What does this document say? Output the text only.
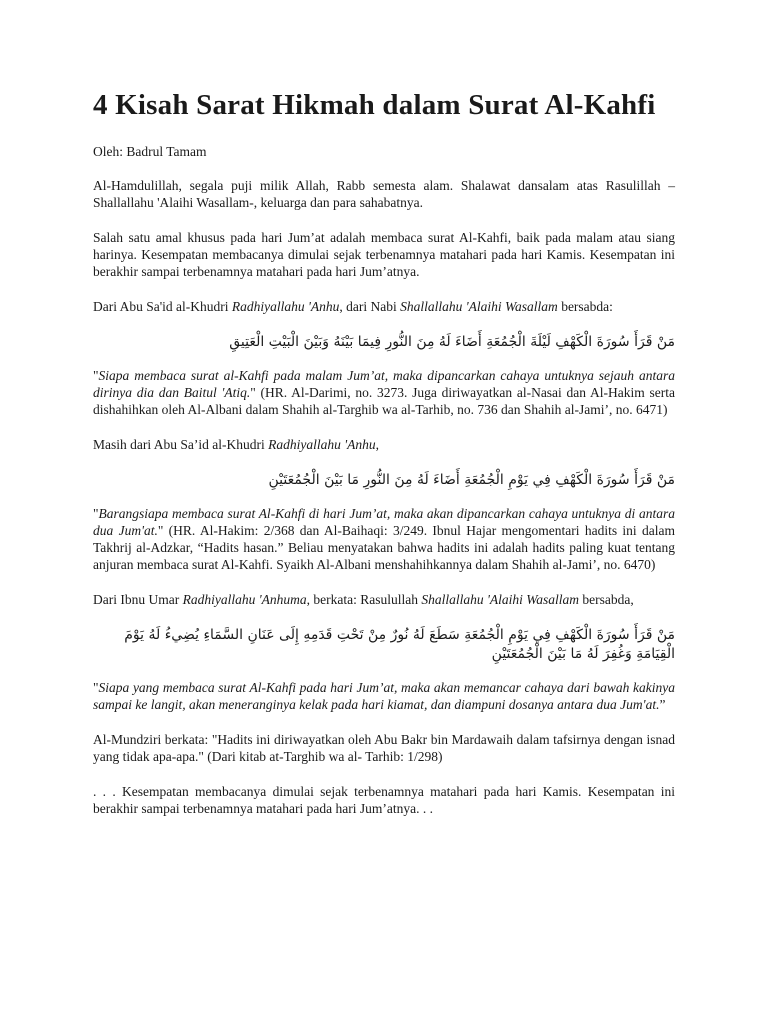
4 Kisah Sarat Hikmah dalam Surat Al-Kahfi

Oleh: Badrul Tamam

Al-Hamdulillah, segala puji milik Allah, Rabb semesta alam. Shalawat dansalam atas Rasulillah –Shallallahu 'Alaihi Wasallam-, keluarga dan para sahabatnya.

Salah satu amal khusus pada hari Jum’at adalah membaca surat Al-Kahfi, baik pada malam atau siang harinya. Kesempatan membacanya dimulai sejak terbenamnya matahari pada hari Kamis. Kesempatan ini berakhir sampai terbenamnya matahari pada hari Jum’atnya.

Dari Abu Sa'id al-Khudri Radhiyallahu 'Anhu, dari Nabi Shallallahu 'Alaihi Wasallam bersabda:

مَنْ قَرَأَ سُورَةَ الْكَهْفِ لَيْلَةَ الْجُمُعَةِ أَضَاءَ لَهُ مِنَ النُّورِ فِيمَا بَيْنَهُ وَبَيْنَ الْبَيْتِ الْعَتِيقِ

"Siapa membaca surat al-Kahfi pada malam Jum’at, maka dipancarkan cahaya untuknya sejauh antara dirinya dia dan Baitul 'Atiq." (HR. Al-Darimi, no. 3273. Juga diriwayatkan al-Nasai dan Al-Hakim serta dishahihkan oleh Al-Albani dalam Shahih al-Targhib wa al-Tarhib, no. 736 dan Shahih al-Jami’, no. 6471)

Masih dari Abu Sa’id al-Khudri Radhiyallahu 'Anhu,

مَنْ قَرَأَ سُورَةَ الْكَهْفِ فِي يَوْمِ الْجُمُعَةِ أَضَاءَ لَهُ مِنَ النُّورِ مَا بَيْنَ الْجُمُعَتَيْنِ

"Barangsiapa membaca surat Al-Kahfi di hari Jum’at, maka akan dipancarkan cahaya untuknya di antara dua Jum'at." (HR. Al-Hakim: 2/368 dan Al-Baihaqi: 3/249. Ibnul Hajar mengomentari hadits ini dalam Takhrij al-Adzkar, “Hadits hasan.” Beliau menyatakan bahwa hadits ini adalah hadits paling kuat tentang anjuran membaca surat Al-Kahfi. Syaikh Al-Albani menshahihkannya dalam Shahih al-Jami’, no. 6470)

Dari Ibnu Umar Radhiyallahu 'Anhuma, berkata: Rasulullah Shallallahu 'Alaihi Wasallam bersabda,

مَنْ قَرَأَ سُورَةَ الْكَهْفِ فِي يَوْمِ الْجُمُعَةِ سَطَعَ لَهُ نُورٌ مِنْ تَحْتِ قَدَمِهِ إِلَى عَنَانِ السَّمَاءِ يُضِيءُ لَهُ يَوْمَ الْقِيَامَةِ وَغُفِرَ لَهُ مَا بَيْنَ الْجُمُعَتَيْنِ

"Siapa yang membaca surat Al-Kahfi pada hari Jum’at, maka akan memancar cahaya dari bawah kakinya sampai ke langit, akan meneranginya kelak pada hari kiamat, dan diampuni dosanya antara dua Jum'at.”

Al-Mundziri berkata: "Hadits ini diriwayatkan oleh Abu Bakr bin Mardawaih dalam tafsirnya dengan isnad yang tidak apa-apa." (Dari kitab at-Targhib wa al- Tarhib: 1/298)

. . . Kesempatan membacanya dimulai sejak terbenamnya matahari pada hari Kamis. Kesempatan ini berakhir sampai terbenamnya matahari pada hari Jum’atnya. . .
